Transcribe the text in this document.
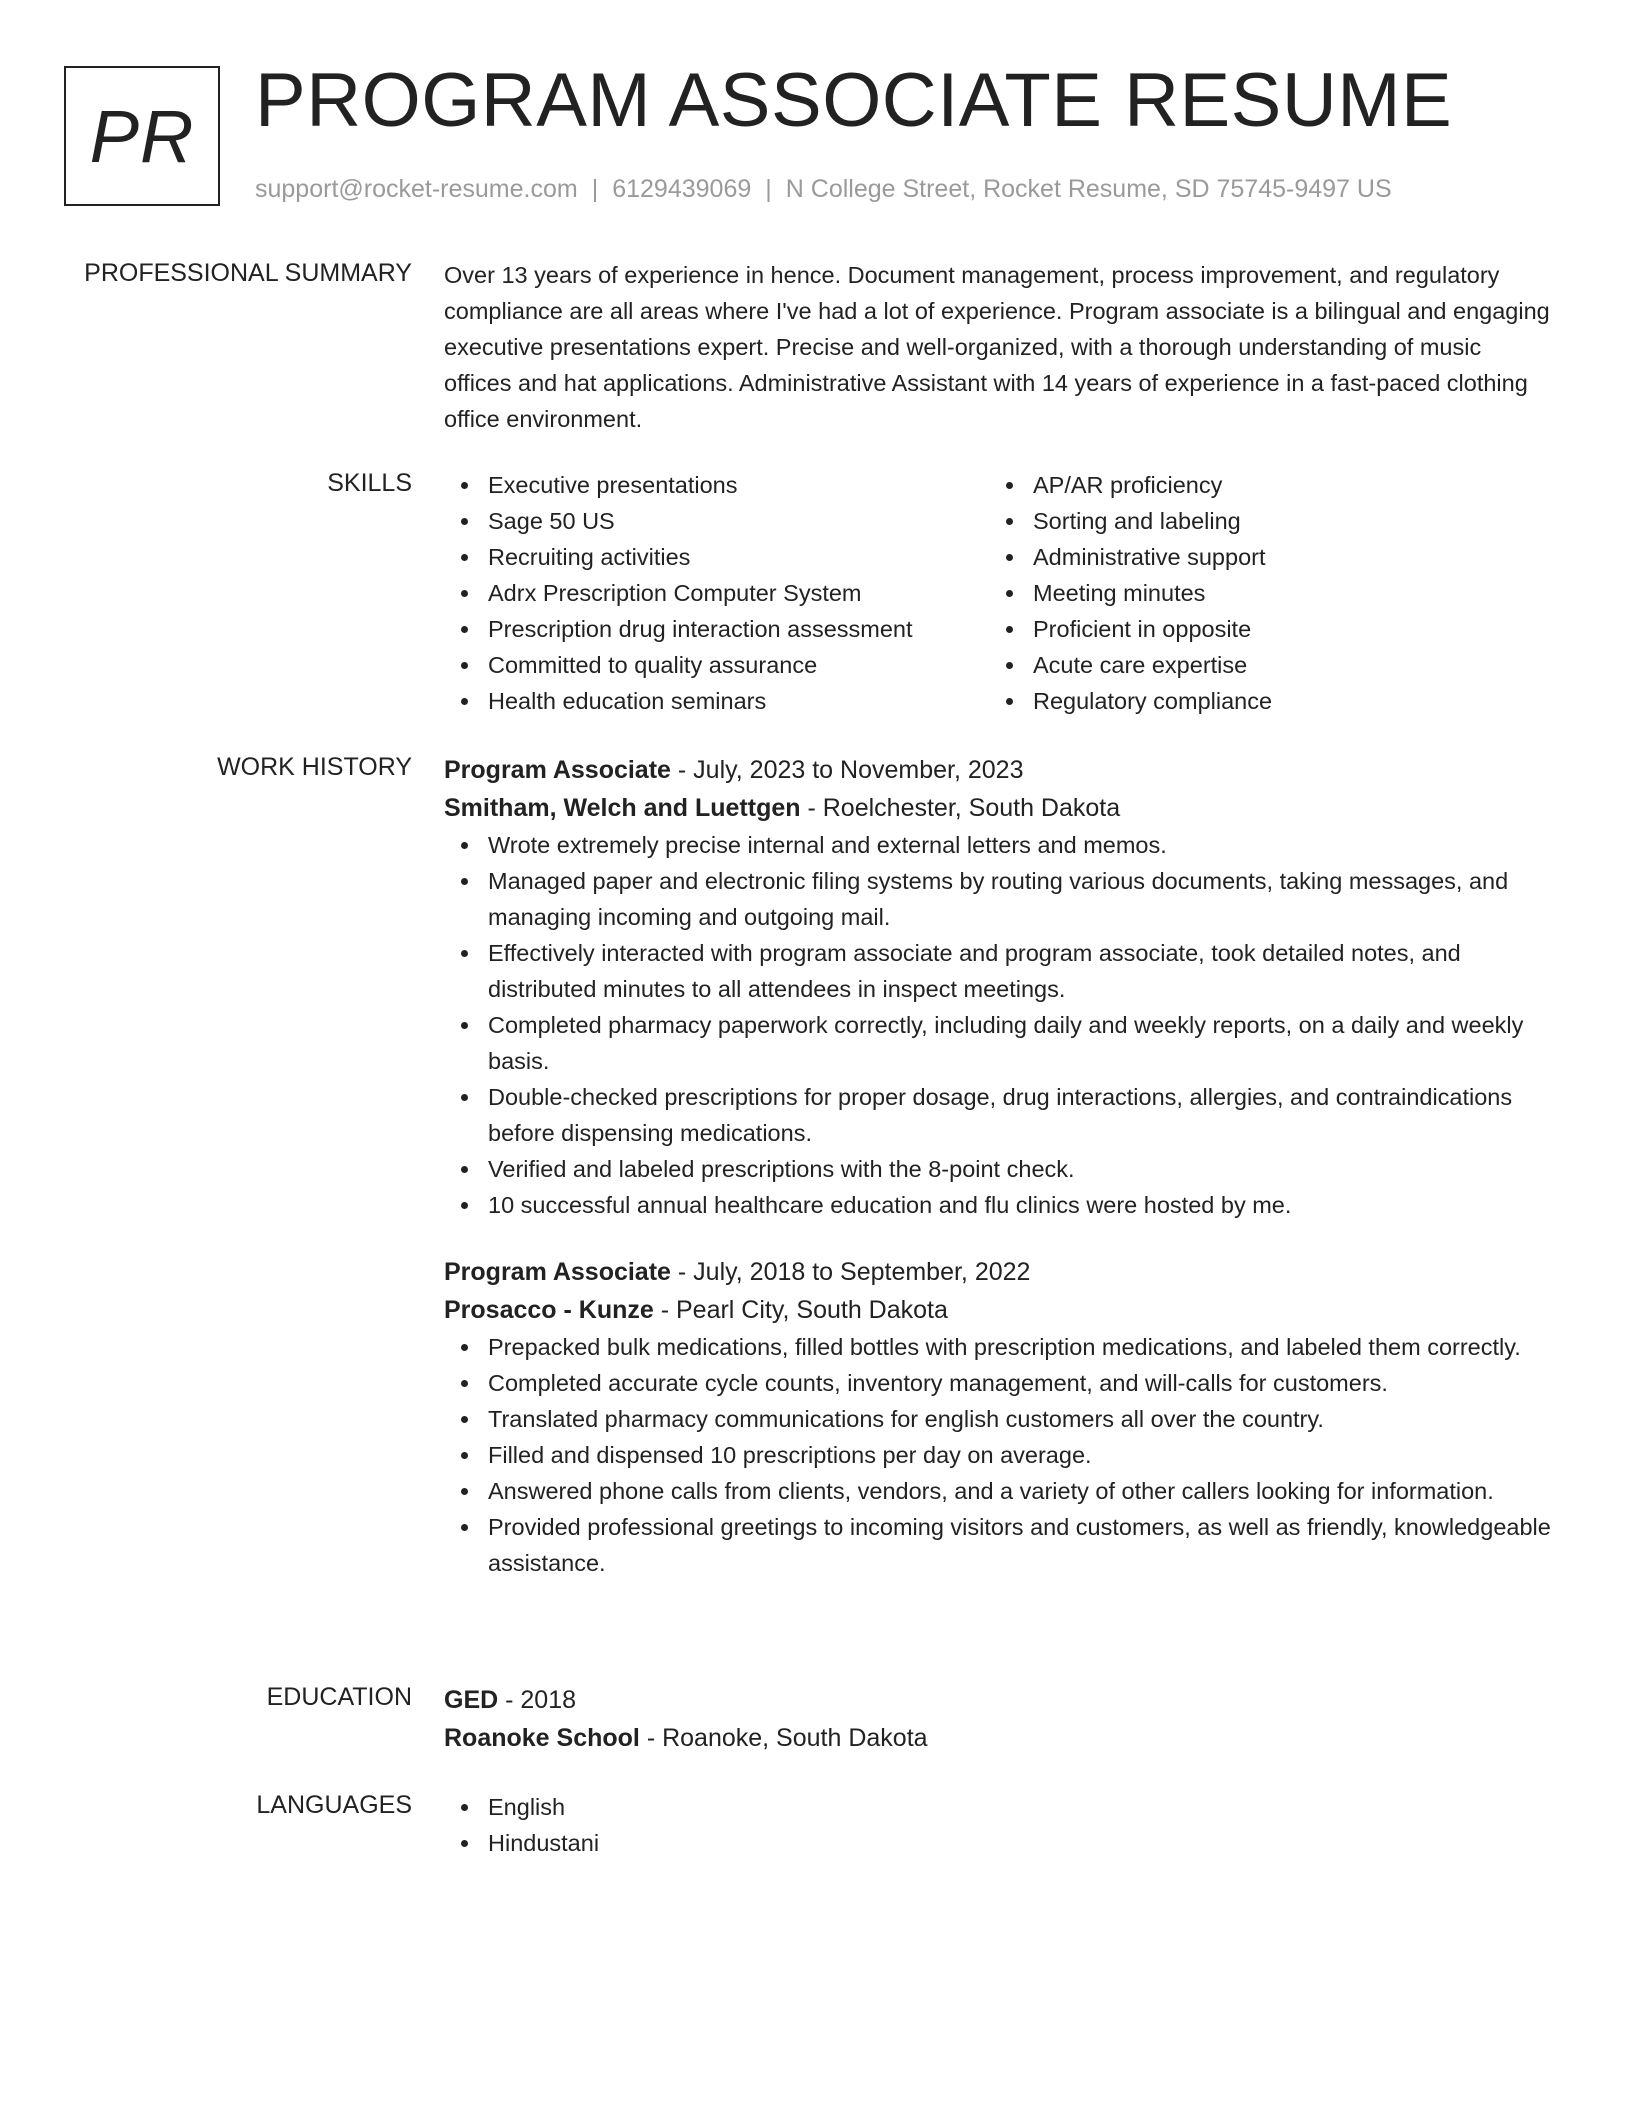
PR PROGRAM ASSOCIATE RESUME
support@rocket-resume.com | 6129439069 | N College Street, Rocket Resume, SD 75745-9497 US
PROFESSIONAL SUMMARY Over 13 years of experience in hence. Document management, process improvement, and regulatory compliance are all areas where I've had a lot of experience. Program associate is a bilingual and engaging executive presentations expert. Precise and well-organized, with a thorough understanding of music offices and hat applications. Administrative Assistant with 14 years of experience in a fast-paced clothing office environment.

SKILLS	Executive presentations
Sage 50 US
Recruiting activities
Adrx Prescription Computer System
Prescription drug interaction assessment
Committed to quality assurance
Health education seminars
AP/AR proficiency
Sorting and labeling
Administrative support
Meeting minutes
Proficient in opposite
Acute care expertise
Regulatory compliance
WORK HISTORY Program Associate - July, 2023 to November, 2023
Smitham, Welch and Luettgen - Roelchester, South Dakota
Wrote extremely precise internal and external letters and memos.
Managed paper and electronic filing systems by routing various documents, taking messages, and managing incoming and outgoing mail.
Effectively interacted with program associate and program associate, took detailed notes, and distributed minutes to all attendees in inspect meetings.
Completed pharmacy paperwork correctly, including daily and weekly reports, on a daily and weekly basis.
Double-checked prescriptions for proper dosage, drug interactions, allergies, and contraindications before dispensing medications.
Verified and labeled prescriptions with the 8-point check.
10 successful annual healthcare education and flu clinics were hosted by me.
Program Associate - July, 2018 to September, 2022
Prosacco - Kunze - Pearl City, South Dakota
Prepacked bulk medications, filled bottles with prescription medications, and labeled them correctly.
Completed accurate cycle counts, inventory management, and will-calls for customers.
Translated pharmacy communications for english customers all over the country.
Filled and dispensed 10 prescriptions per day on average.
Answered phone calls from clients, vendors, and a variety of other callers looking for information.
Provided professional greetings to incoming visitors and customers, as well as friendly, knowledgeable assistance.
EDUCATION GED - 2018
Roanoke School - Roanoke, South Dakota
LANGUAGES	English
Hindustani
